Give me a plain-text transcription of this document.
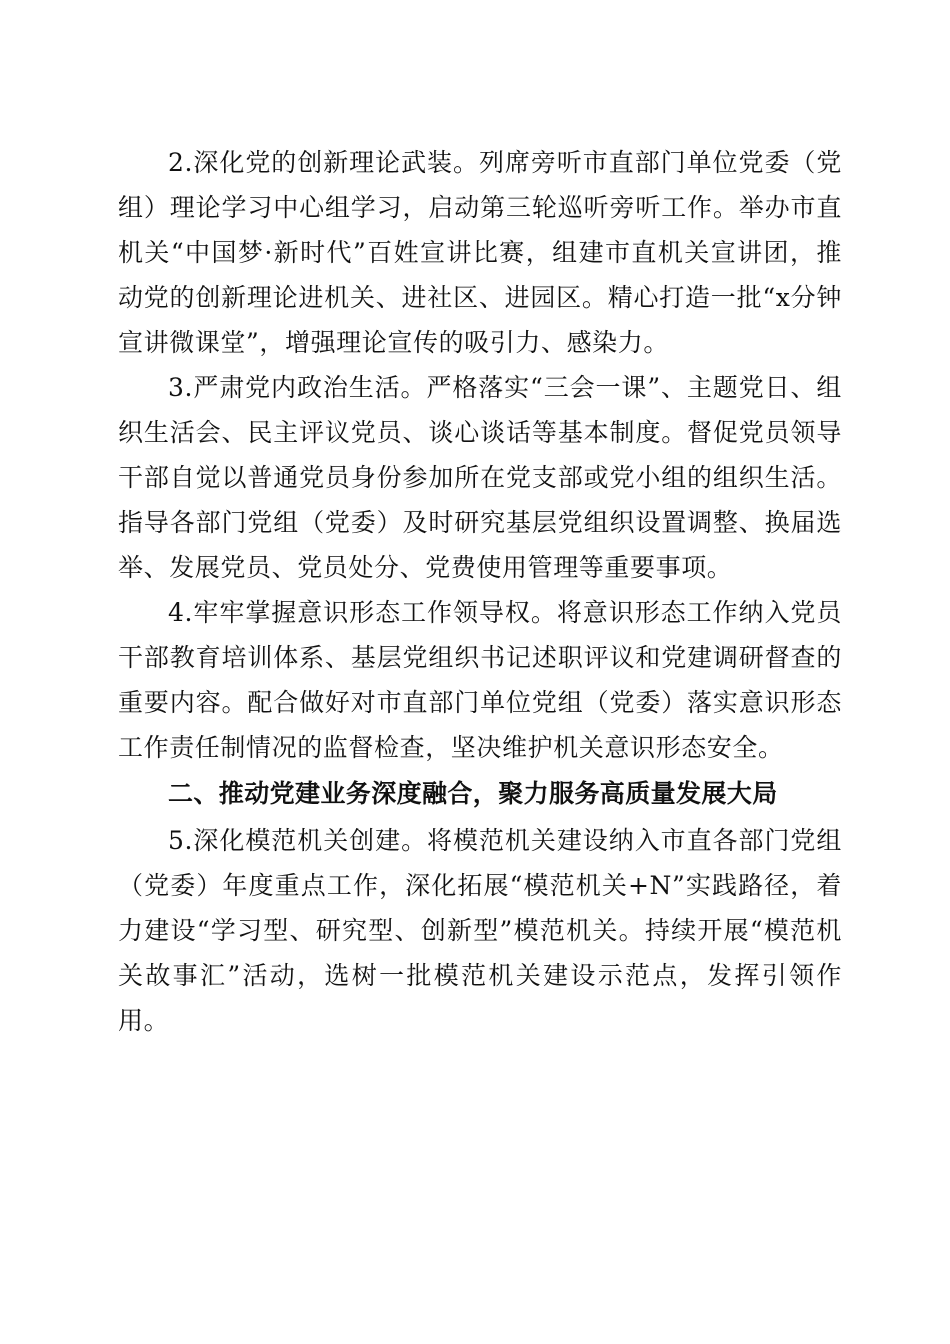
2.深化党的创新理论武装。列席旁听市直部门单位党委（党组）理论学习中心组学习，启动第三轮巡听旁听工作。举办市直机关“中国梦·新时代”百姓宣讲比赛，组建市直机关宣讲团，推动党的创新理论进机关、进社区、进园区。精心打造一批“x分钟宣讲微课堂”，增强理论宣传的吸引力、感染力。

3.严肃党内政治生活。严格落实“三会一课”、主题党日、组织生活会、民主评议党员、谈心谈话等基本制度。督促党员领导干部自觉以普通党员身份参加所在党支部或党小组的组织生活。指导各部门党组（党委）及时研究基层党组织设置调整、换届选举、发展党员、党员处分、党费使用管理等重要事项。

4.牢牢掌握意识形态工作领导权。将意识形态工作纳入党员干部教育培训体系、基层党组织书记述职评议和党建调研督查的重要内容。配合做好对市直部门单位党组（党委）落实意识形态工作责任制情况的监督检查，坚决维护机关意识形态安全。

二、推动党建业务深度融合，聚力服务高质量发展大局

5.深化模范机关创建。将模范机关建设纳入市直各部门党组（党委）年度重点工作，深化拓展“模范机关+N”实践路径，着力建设“学习型、研究型、创新型”模范机关。持续开展“模范机关故事汇”活动，选树一批模范机关建设示范点，发挥引领作用。
